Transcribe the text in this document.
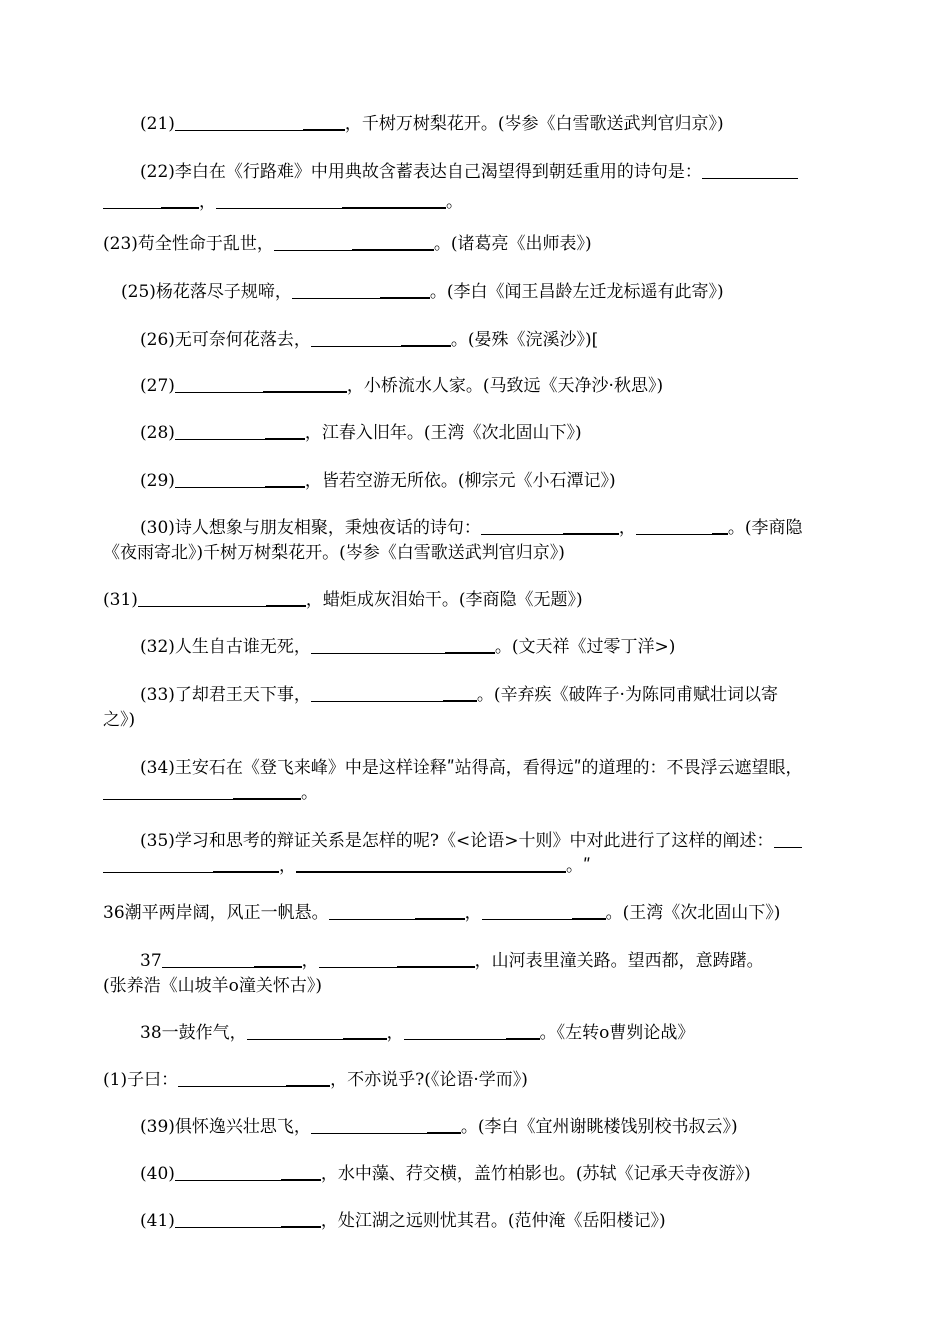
(21)	，千树万树梨花开。(岑参《白雪歌送武判官归京》)
(22)李白在《行路难》中用典故含蓄表达自己渴望得到朝廷重用的诗句是：
，	。
(23)苟全性命于乱世，	。(诸葛亮《出师表》)
(25)杨花落尽子规啼，	。(李白《闻王昌龄左迁龙标遥有此寄》)
(26)无可奈何花落去，	。(晏殊《浣溪沙》)[
(27)	，小桥流水人家。(马致远《天净沙·秋思》)
(28)	，江春入旧年。(王湾《次北固山下》)
(29)	，皆若空游无所依。(柳宗元《小石潭记》)
(30)诗人想象与朋友相聚，秉烛夜话的诗句：	，	。(李商隐
《夜雨寄北》)千树万树梨花开。(岑参《白雪歌送武判官归京》)
(31)	，蜡炬成灰泪始干。(李商隐《无题》)
(32)人生自古谁无死，	。(文天祥《过零丁洋>)
(33)了却君王天下事，	。(辛弃疾《破阵子·为陈同甫赋壮词以寄
之》)
(34)王安石在《登飞来峰》中是这样诠释ʺ站得高，看得远ʺ的道理的：不畏浮云遮望眼，
。
(35)学习和思考的辩证关系是怎样的呢?《<论语>十则》中对此进行了这样的阐述：
，	。ʺ
36潮平两岸阔，风正一帆悬。	，	。(王湾《次北固山下》)
37	，	，山河表里潼关路。望西都，意踌躇。
(张养浩《山坡羊o潼关怀古》)
38一鼓作气，	，	。《左转o曹刿论战》
(1)子曰：	，不亦说乎?(《论语·学而》)
(39)俱怀逸兴壮思飞，	。(李白《宜州谢眺楼饯别校书叔云》)
(40)	，水中藻、荇交横，盖竹柏影也。(苏轼《记承天寺夜游》)
(41)	，处江湖之远则忧其君。(范仲淹《岳阳楼记》)
